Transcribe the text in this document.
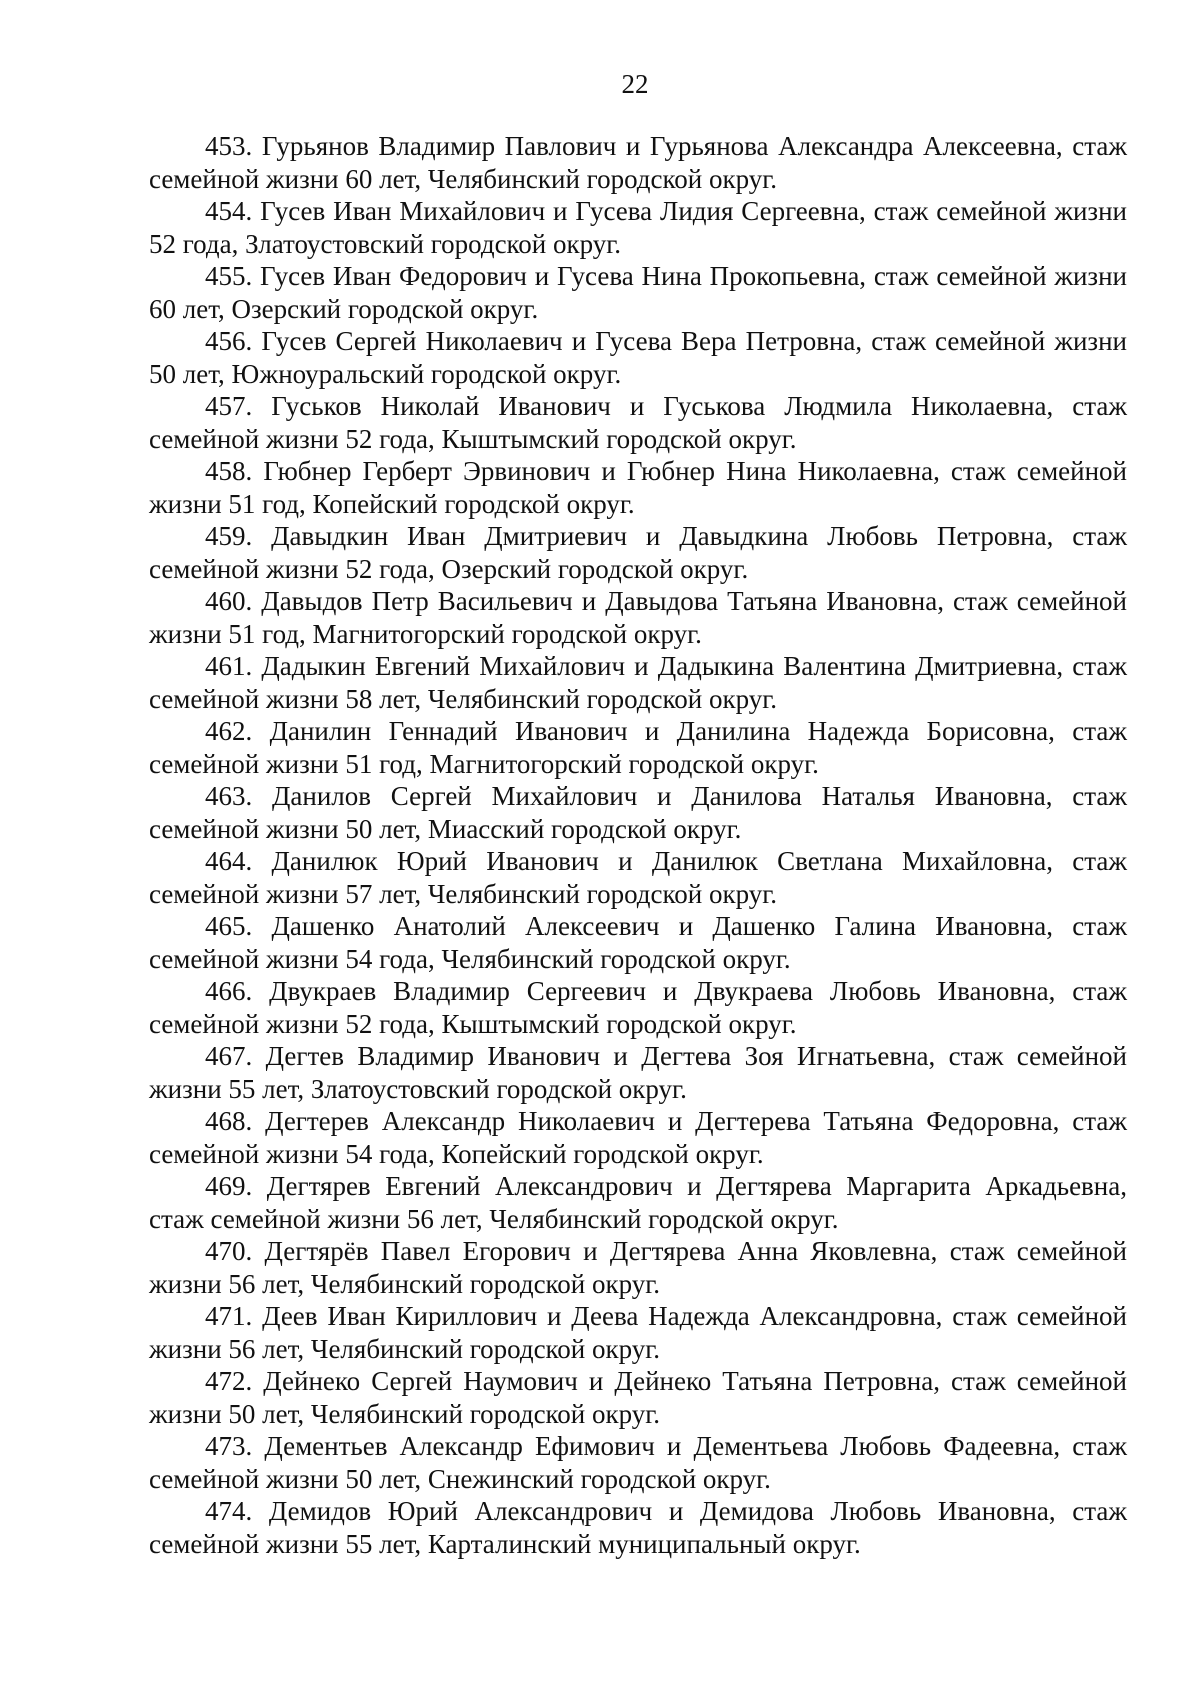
22

453. Гурьянов Владимир Павлович и Гурьянова Александра Алексеевна, стаж семейной жизни 60 лет, Челябинский городской округ.

454. Гусев Иван Михайлович и Гусева Лидия Сергеевна, стаж семейной жизни 52 года, Златоустовский городской округ.

455. Гусев Иван Федорович и Гусева Нина Прокопьевна, стаж семейной жизни 60 лет, Озерский городской округ.

456. Гусев Сергей Николаевич и Гусева Вера Петровна, стаж семейной жизни 50 лет, Южноуральский городской округ.

457. Гуськов Николай Иванович и Гуськова Людмила Николаевна, стаж семейной жизни 52 года, Кыштымский городской округ.

458. Гюбнер Герберт Эрвинович и Гюбнер Нина Николаевна, стаж семейной жизни 51 год, Копейский городской округ.

459. Давыдкин Иван Дмитриевич и Давыдкина Любовь Петровна, стаж семейной жизни 52 года, Озерский городской округ.

460. Давыдов Петр Васильевич и Давыдова Татьяна Ивановна, стаж семейной жизни 51 год, Магнитогорский городской округ.

461. Дадыкин Евгений Михайлович и Дадыкина Валентина Дмитриевна, стаж семейной жизни 58 лет, Челябинский городской округ.

462. Данилин Геннадий Иванович и Данилина Надежда Борисовна, стаж семейной жизни 51 год, Магнитогорский городской округ.

463. Данилов Сергей Михайлович и Данилова Наталья Ивановна, стаж семейной жизни 50 лет, Миасский городской округ.

464. Данилюк Юрий Иванович и Данилюк Светлана Михайловна, стаж семейной жизни 57 лет, Челябинский городской округ.

465. Дашенко Анатолий Алексеевич и Дашенко Галина Ивановна, стаж семейной жизни 54 года, Челябинский городской округ.

466. Двукраев Владимир Сергеевич и Двукраева Любовь Ивановна, стаж семейной жизни 52 года, Кыштымский городской округ.

467. Дегтев Владимир Иванович и Дегтева Зоя Игнатьевна, стаж семейной жизни 55 лет, Златоустовский городской округ.

468. Дегтерев Александр Николаевич и Дегтерева Татьяна Федоровна, стаж семейной жизни 54 года, Копейский городской округ.

469. Дегтярев Евгений Александрович и Дегтярева Маргарита Аркадьевна, стаж семейной жизни 56 лет, Челябинский городской округ.

470. Дегтярёв Павел Егорович и Дегтярева Анна Яковлевна, стаж семейной жизни 56 лет, Челябинский городской округ.

471. Деев Иван Кириллович и Деева Надежда Александровна, стаж семейной жизни 56 лет, Челябинский городской округ.

472. Дейнеко Сергей Наумович и Дейнеко Татьяна Петровна, стаж семейной жизни 50 лет, Челябинский городской округ.

473. Дементьев Александр Ефимович и Дементьева Любовь Фадеевна, стаж семейной жизни 50 лет, Снежинский городской округ.

474. Демидов Юрий Александрович и Демидова Любовь Ивановна, стаж семейной жизни 55 лет, Карталинский муниципальный округ.
